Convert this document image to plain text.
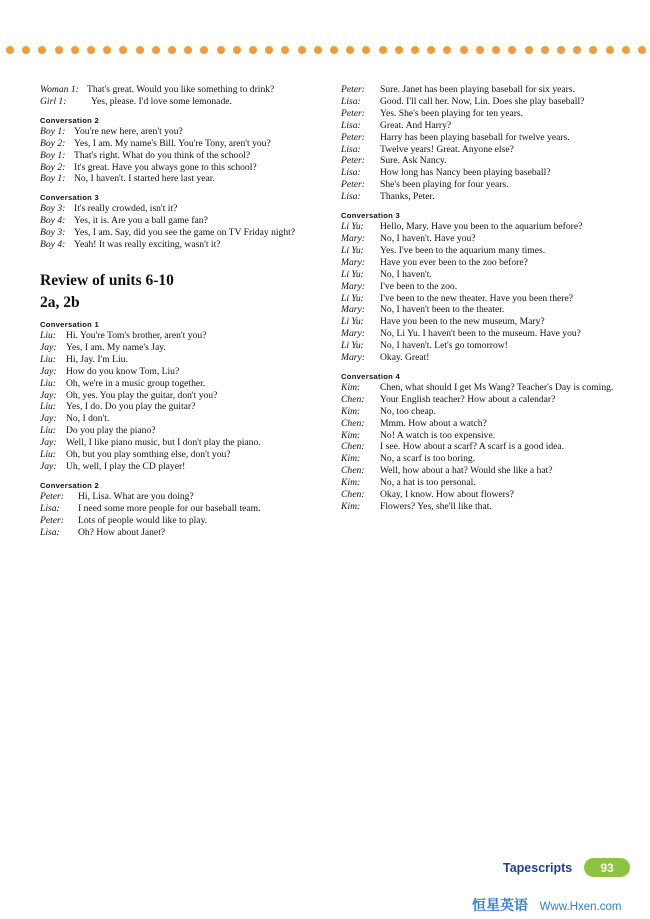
Woman 1: That's great. Would you like something to drink?
Girl 1:	Yes, please. I'd love some lemonade.
Conversation 2
Boy 1: You're new here, aren't you?
Boy 2: Yes, I am. My name's Bill. You're Tony, aren't you?
Boy 1: That's right. What do you think of the school?
Boy 2: It's great. Have you always gone to this school?
Boy 1: No, I haven't. I started here last year.
Conversation 3
Boy 3: It's really crowded, isn't it?
Boy 4: Yes, it is. Are you a ball game fan?
Boy 3: Yes, I am. Say, did you see the game on TV Friday night?
Boy 4: Yeah! It was really exciting, wasn't it?
Review of units 6-10
2a, 2b
Conversation 1
Liu:	Hi. You're Tom's brother, aren't you?
Jay: Yes, I am. My name's Jay.
Liu:	Hi, Jay. I'm Liu.
Jay: How do you know Tom, Liu?
Liu:	Oh, we're in a music group together.
Jay: Oh, yes. You play the guitar, don't you?
Liu:	Yes, I do. Do you play the guitar?
Jay: No, I don't.
Liu:	Do you play the piano?
Jay: Well, I like piano music, but I don't play the piano.
Liu:	Oh, but you play somthing else, don't you?
Jay: Uh, well, I play the CD player!
Conversation 2
Peter:	Hi, Lisa. What are you doing?
Lisa:	I need some more people for our baseball team.
Peter:	Lots of people would like to play.
Lisa:	Oh? How about Janet?
Peter:	Sure. Janet has been playing baseball for six years.
Lisa:	Good. I'll call her. Now, Lin. Does she play baseball?
Peter:	Yes. She's been playing for ten years.
Lisa:	Great. And Harry?
Peter:	Harry has been playing baseball for twelve years.
Lisa:	Twelve years! Great. Anyone else?
Peter:	Sure. Ask Nancy.
Lisa:	How long has Nancy been playing baseball?
Peter:	She's been playing for four years.
Lisa:	Thanks, Peter.
Conversation 3
Li Yu:	Hello, Mary. Have you been to the aquarium before?
Mary:	No, I haven't. Have you?
Li Yu:	Yes. I've been to the aquarium many times.
Mary:	Have you ever been to the zoo before?
Li Yu:	No, I haven't.
Mary:	I've been to the zoo.
Li Yu:	I've been to the new theater. Have you been there?
Mary:	No, I haven't been to the theater.
Li Yu:	Have you been to the new museum, Mary?
Mary:	No, Li Yu. I haven't been to the museum. Have you?
Li Yu:	No, I haven't. Let's go tomorrow!
Mary:	Okay. Great!
Conversation 4
Kim:	Chen, what should I get Ms Wang? Teacher's Day is coming.
Chen:	Your English teacher? How about a calendar?
Kim:	No, too cheap.
Chen:	Mmm. How about a watch?
Kim:	No! A watch is too expensive.
Chen:	I see. How about a scarf? A scarf is a good idea.
Kim:	No, a scarf is too boring.
Chen:	Well, how about a hat? Would she like a hat?
Kim:	No, a hat is too personal.
Chen:	Okay, I know. How about flowers?
Kim:	Flowers? Yes, she'll like that.
Tapescripts	93
恒星英语 Www.Hxen.com
